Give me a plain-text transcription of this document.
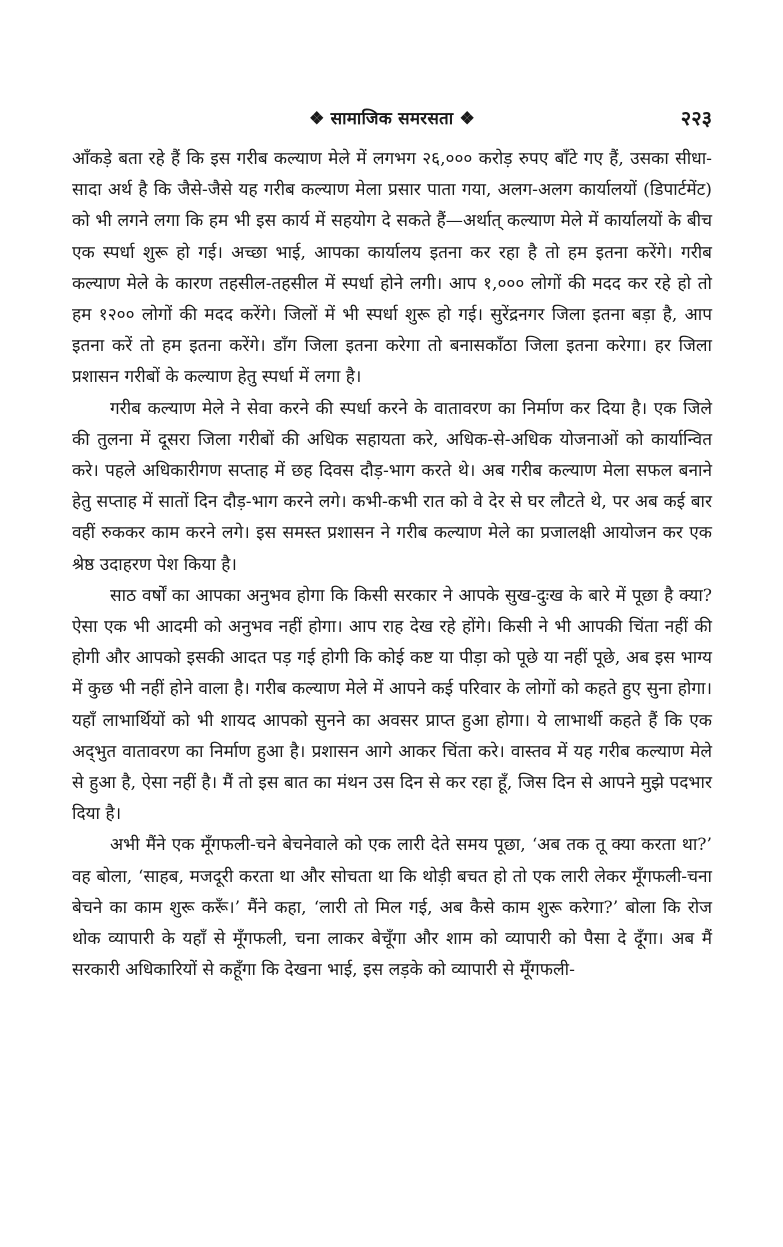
❖ सामाजिक समरसता ❖	२२३

आँकड़े बता रहे हैं कि इस गरीब कल्याण मेले में लगभग २६,००० करोड़ रुपए बाँटे गए हैं, उसका सीधा-सादा अर्थ है कि जैसे-जैसे यह गरीब कल्याण मेला प्रसार पाता गया, अलग-अलग कार्यालयों (डिपार्टमेंट) को भी लगने लगा कि हम भी इस कार्य में सहयोग दे सकते हैं—अर्थात् कल्याण मेले में कार्यालयों के बीच एक स्पर्धा शुरू हो गई। अच्छा भाई, आपका कार्यालय इतना कर रहा है तो हम इतना करेंगे। गरीब कल्याण मेले के कारण तहसील-तहसील में स्पर्धा होने लगी। आप १,००० लोगों की मदद कर रहे हो तो हम १२०० लोगों की मदद करेंगे। जिलों में भी स्पर्धा शुरू हो गई। सुरेंद्रनगर जिला इतना बड़ा है, आप इतना करें तो हम इतना करेंगे। डाँग जिला इतना करेगा तो बनासकाँठा जिला इतना करेगा। हर जिला प्रशासन गरीबों के कल्याण हेतु स्पर्धा में लगा है।

गरीब कल्याण मेले ने सेवा करने की स्पर्धा करने के वातावरण का निर्माण कर दिया है। एक जिले की तुलना में दूसरा जिला गरीबों की अधिक सहायता करे, अधिक-से-अधिक योजनाओं को कार्यान्वित करे। पहले अधिकारीगण सप्ताह में छह दिवस दौड़-भाग करते थे। अब गरीब कल्याण मेला सफल बनाने हेतु सप्ताह में सातों दिन दौड़-भाग करने लगे। कभी-कभी रात को वे देर से घर लौटते थे, पर अब कई बार वहीं रुककर काम करने लगे। इस समस्त प्रशासन ने गरीब कल्याण मेले का प्रजालक्षी आयोजन कर एक श्रेष्ठ उदाहरण पेश किया है।

साठ वर्षों का आपका अनुभव होगा कि किसी सरकार ने आपके सुख-दुःख के बारे में पूछा है क्या? ऐसा एक भी आदमी को अनुभव नहीं होगा। आप राह देख रहे होंगे। किसी ने भी आपकी चिंता नहीं की होगी और आपको इसकी आदत पड़ गई होगी कि कोई कष्ट या पीड़ा को पूछे या नहीं पूछे, अब इस भाग्य में कुछ भी नहीं होने वाला है। गरीब कल्याण मेले में आपने कई परिवार के लोगों को कहते हुए सुना होगा। यहाँ लाभार्थियों को भी शायद आपको सुनने का अवसर प्राप्त हुआ होगा। ये लाभार्थी कहते हैं कि एक अद्‌भुत वातावरण का निर्माण हुआ है। प्रशासन आगे आकर चिंता करे। वास्तव में यह गरीब कल्याण मेले से हुआ है, ऐसा नहीं है। मैं तो इस बात का मंथन उस दिन से कर रहा हूँ, जिस दिन से आपने मुझे पदभार दिया है।

अभी मैंने एक मूँगफली-चने बेचनेवाले को एक लारी देते समय पूछा, ‘अब तक तू क्या करता था?’ वह बोला, ‘साहब, मजदूरी करता था और सोचता था कि थोड़ी बचत हो तो एक लारी लेकर मूँगफली-चना बेचने का काम शुरू करूँ।’ मैंने कहा, ‘लारी तो मिल गई, अब कैसे काम शुरू करेगा?’ बोला कि रोज थोक व्यापारी के यहाँ से मूँगफली, चना लाकर बेचूँगा और शाम को व्यापारी को पैसा दे दूँगा। अब मैं सरकारी अधिकारियों से कहूँगा कि देखना भाई, इस लड़के को व्यापारी से मूँगफली-
